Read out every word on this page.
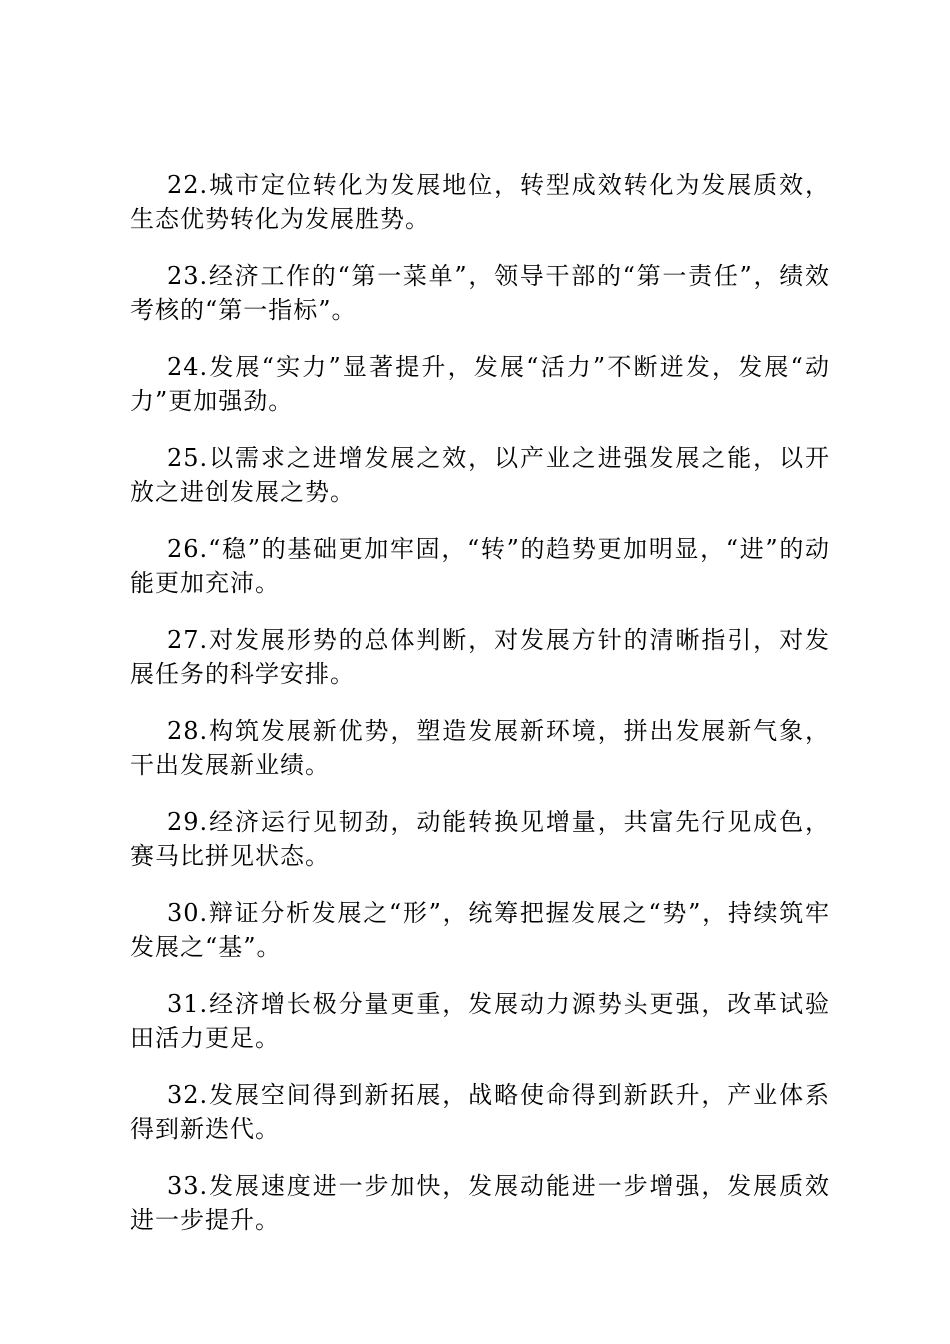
22.城市定位转化为发展地位，转型成效转化为发展质效，生态优势转化为发展胜势。

23.经济工作的“第一菜单”，领导干部的“第一责任”，绩效考核的“第一指标”。

24.发展“实力”显著提升，发展“活力”不断迸发，发展“动力”更加强劲。

25.以需求之进增发展之效，以产业之进强发展之能，以开放之进创发展之势。

26.“稳”的基础更加牢固，“转”的趋势更加明显，“进”的动能更加充沛。

27.对发展形势的总体判断，对发展方针的清晰指引，对发展任务的科学安排。

28.构筑发展新优势，塑造发展新环境，拼出发展新气象，干出发展新业绩。

29.经济运行见韧劲，动能转换见增量，共富先行见成色，赛马比拼见状态。

30.辩证分析发展之“形”，统筹把握发展之“势”，持续筑牢发展之“基”。

31.经济增长极分量更重，发展动力源势头更强，改革试验田活力更足。

32.发展空间得到新拓展，战略使命得到新跃升，产业体系得到新迭代。

33.发展速度进一步加快，发展动能进一步增强，发展质效进一步提升。
